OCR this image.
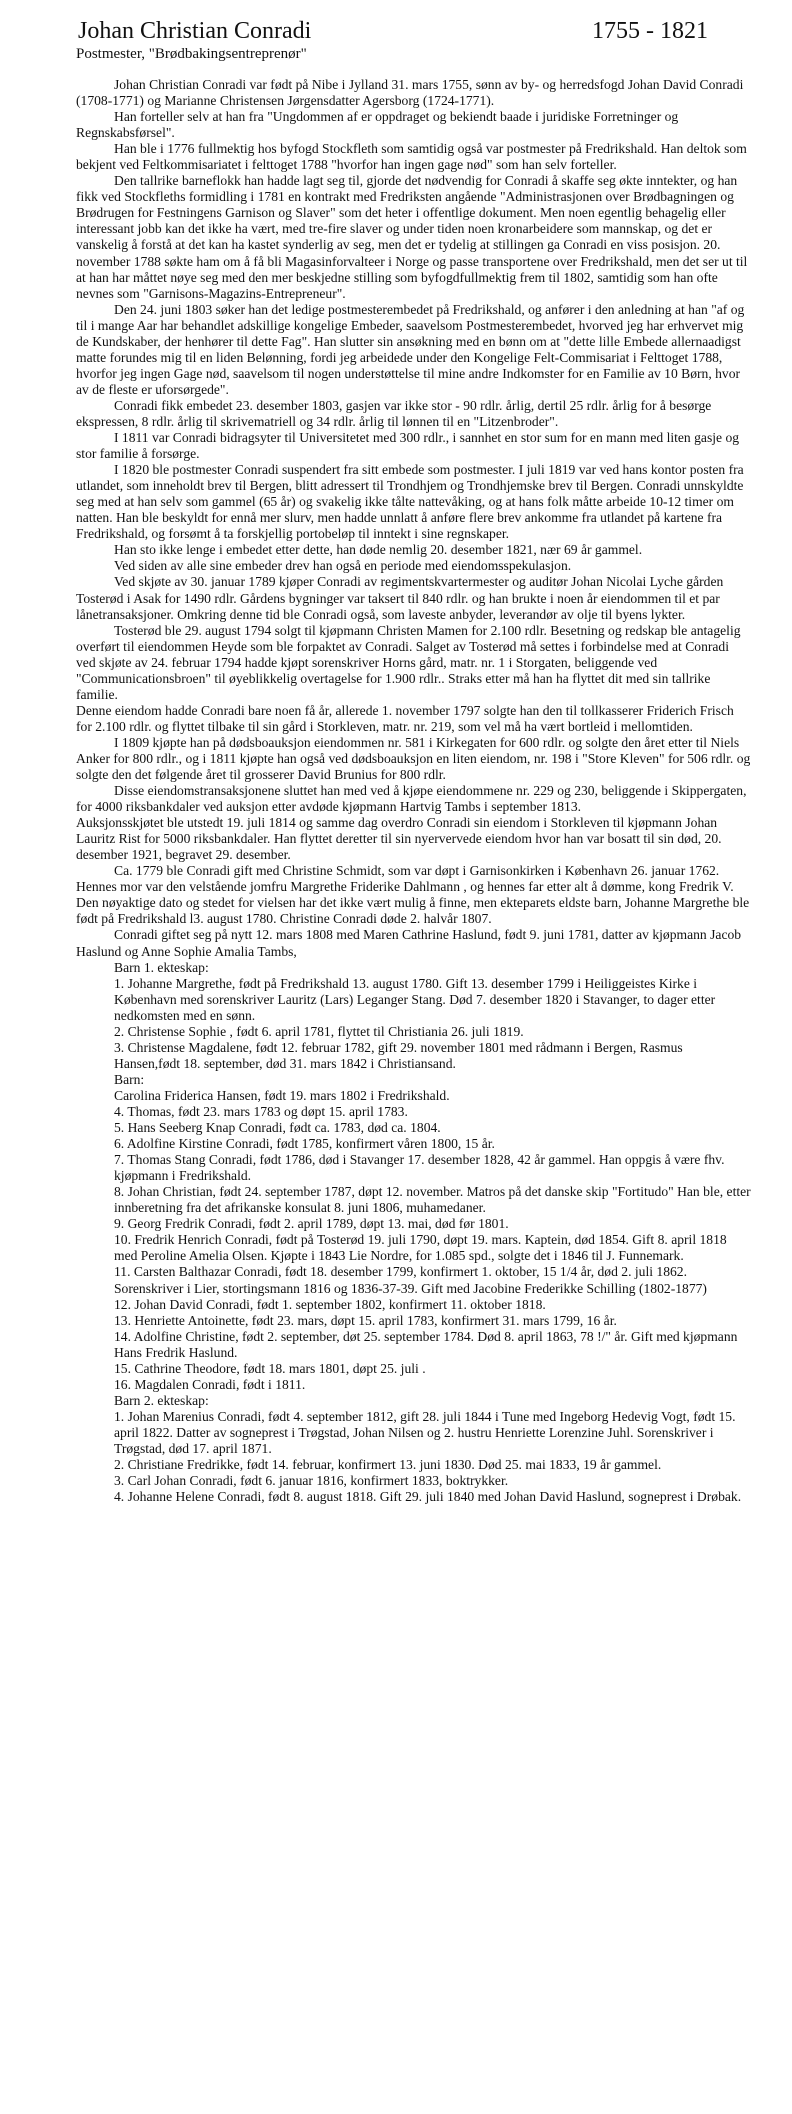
Johan Christian Conradi	1755 - 1821
Postmester, "Brødbakingsentreprenør"

Johan Christian Conradi var født på Nibe i Jylland 31. mars 1755, sønn av by- og herredsfogd Johan David Conradi (1708-1771) og Marianne Christensen Jørgensdatter Agersborg (1724-1771).

Han forteller selv at han fra "Ungdommen af er oppdraget og bekiendt baade i juridiske Forretninger og Regnskabsførsel".

Han ble i 1776 fullmektig hos byfogd Stockfleth som samtidig også var postmester på Fredrikshald. Han deltok som bekjent ved Feltkommisariatet i felttoget 1788 "hvorfor han ingen gage nød" som han selv forteller.

Den tallrike barneflokk han hadde lagt seg til, gjorde det nødvendig for Conradi å skaffe seg økte inntekter, og han fikk ved Stockfleths formidling i 1781 en kontrakt med Fredriksten angående "Administrasjonen over Brødbagningen og Brødrugen for Festningens Garnison og Slaver" som det heter i offentlige dokument. Men noen egentlig behagelig eller interessant jobb kan det ikke ha vært, med tre-fire slaver og under tiden noen kronarbeidere som mannskap, og det er vanskelig å forstå at det kan ha kastet synderlig av seg, men det er tydelig at stillingen ga Conradi en viss posisjon. 20. november 1788 søkte ham om å få bli Magasinforvalteer i Norge og passe transportene over Fredrikshald, men det ser ut til at han har måttet nøye seg med den mer beskjedne stilling som byfogdfullmektig frem til 1802, samtidig som han ofte nevnes som "Garnisons-Magazins-Entrepreneur".

Den 24. juni 1803 søker han det ledige postmesterembedet på Fredrikshald, og anfører i den anledning at han "af og til i mange Aar har behandlet adskillige kongelige Embeder, saavelsom Postmesterembedet, hvorved jeg har erhvervet mig de Kundskaber, der henhører til dette Fag". Han slutter sin ansøkning med en bønn om at "dette lille Embede allernaadigst matte forundes mig til en liden Belønning, fordi jeg arbeidede under den Kongelige Felt-Commisariat i Felttoget 1788, hvorfor jeg ingen Gage nød, saavelsom til nogen understøttelse til mine andre Indkomster for en Familie av 10 Børn, hvor av de fleste er uforsørgede".

Conradi fikk embedet 23. desember 1803, gasjen var ikke stor - 90 rdlr. årlig, dertil 25 rdlr. årlig for å besørge ekspressen, 8 rdlr. årlig til skrivematriell og 34 rdlr. årlig til lønnen til en "Litzenbroder".

I 1811 var Conradi bidragsyter til Universitetet med 300 rdlr., i sannhet en stor sum for en mann med liten gasje og stor familie å forsørge.

I 1820 ble postmester Conradi suspendert fra sitt embede som postmester. I juli 1819 var ved hans kontor posten fra utlandet, som inneholdt brev til Bergen, blitt adressert til Trondhjem og Trondhjemske brev til Bergen. Conradi unnskyldte seg med at han selv som gammel (65 år) og svakelig ikke tålte nattevåking, og at hans folk måtte arbeide 10-12 timer om natten. Han ble beskyldt for ennå mer slurv, men hadde unnlatt å anføre flere brev ankomme fra utlandet på kartene fra Fredrikshald, og forsømt å ta forskjellig portobeløp til inntekt i sine regnskaper.

Han sto ikke lenge i embedet etter dette, han døde nemlig 20. desember 1821, nær 69 år gammel.

Ved siden av alle sine embeder drev han også en periode med eiendomsspekulasjon.

Ved skjøte av 30. januar 1789 kjøper Conradi av regimentskvartermester og auditør Johan Nicolai Lyche gården Tosterød i Asak for 1490 rdlr. Gårdens bygninger var taksert til 840 rdlr. og han brukte i noen år eiendommen til et par lånetransaksjoner. Omkring denne tid ble Conradi også, som laveste anbyder, leverandør av olje til byens lykter.

Tosterød ble 29. august 1794 solgt til kjøpmann Christen Mamen for 2.100 rdlr. Besetning og redskap ble antagelig overført til eiendommen Heyde som ble forpaktet av Conradi. Salget av Tosterød må settes i forbindelse med at Conradi ved skjøte av 24. februar 1794 hadde kjøpt sorenskriver Horns gård, matr. nr. 1 i Storgaten, beliggende ved "Communicationsbroen" til øyeblikkelig overtagelse for 1.900 rdlr.. Straks etter må han ha flyttet dit med sin tallrike familie.

Denne eiendom hadde Conradi bare noen få år, allerede 1. november 1797 solgte han den til tollkasserer Friderich Frisch for 2.100 rdlr. og flyttet tilbake til sin gård i Storkleven, matr. nr. 219, som vel må ha vært bortleid i mellomtiden.

I 1809 kjøpte han på dødsboauksjon eiendommen nr. 581 i Kirkegaten for 600 rdlr. og solgte den året etter til Niels Anker for 800 rdlr., og i 1811 kjøpte han også ved dødsboauksjon en liten eiendom, nr. 198 i "Store Kleven" for 506 rdlr. og solgte den det følgende året til grosserer David Brunius for 800 rdlr.

Disse eiendomstransaksjonene sluttet han med ved å kjøpe eiendommene nr. 229 og 230, beliggende i Skippergaten, for 4000 riksbankdaler ved auksjon etter avdøde kjøpmann Hartvig Tambs i september 1813.

Auksjonsskjøtet ble utstedt 19. juli 1814 og samme dag overdro Conradi sin eiendom i Storkleven til kjøpmann Johan Lauritz Rist for 5000 riksbankdaler. Han flyttet deretter til sin nyervervede eiendom hvor han var bosatt til sin død, 20. desember 1921, begravet 29. desember.

Ca. 1779 ble Conradi gift med Christine Schmidt, som var døpt i Garnisonkirken i København 26. januar 1762. Hennes mor var den velstående jomfru Margrethe Friderike Dahlmann , og hennes far etter alt å dømme, kong Fredrik V. Den nøyaktige dato og stedet for vielsen har det ikke vært mulig å finne, men ekteparets eldste barn, Johanne Margrethe ble født på Fredrikshald l3. august 1780. Christine Conradi døde 2. halvår 1807.

Conradi giftet seg på nytt 12. mars 1808 med Maren Cathrine Haslund, født 9. juni 1781, datter av kjøpmann Jacob Haslund og Anne Sophie Amalia Tambs,

Barn 1. ekteskap:

1. Johanne Margrethe, født på Fredrikshald 13. august 1780. Gift 13. desember 1799 i Heiliggeistes Kirke i København med sorenskriver Lauritz (Lars) Leganger Stang. Død 7. desember 1820 i Stavanger, to dager etter nedkomsten med en sønn.

2. Christense Sophie , født 6. april 1781, flyttet til Christiania 26. juli 1819.

3. Christense Magdalene, født 12. februar 1782, gift 29. november 1801 med rådmann i Bergen, Rasmus Hansen,født 18. september, død 31. mars 1842 i Christiansand.

Barn:

Carolina Friderica Hansen, født 19. mars 1802 i Fredrikshald.

4. Thomas, født 23. mars 1783 og døpt 15. april 1783.

5. Hans Seeberg Knap Conradi, født ca. 1783, død ca. 1804.

6. Adolfine Kirstine Conradi, født 1785, konfirmert våren 1800, 15 år.

7. Thomas Stang Conradi, født 1786, død i Stavanger 17. desember 1828, 42 år gammel. Han oppgis å være fhv. kjøpmann i Fredrikshald.

8. Johan Christian, født 24. september 1787, døpt 12. november. Matros på det danske skip "Fortitudo" Han ble, etter innberetning fra det afrikanske konsulat 8. juni 1806, muhamedaner.

9. Georg Fredrik Conradi, født 2. april 1789, døpt 13. mai, død før 1801.

10. Fredrik Henrich Conradi, født på Tosterød 19. juli 1790, døpt 19. mars. Kaptein, død 1854. Gift 8. april 1818 med Peroline Amelia Olsen. Kjøpte i 1843 Lie Nordre, for 1.085 spd., solgte det i 1846 til J. Funnemark.

11. Carsten Balthazar Conradi, født 18. desember 1799, konfirmert 1. oktober, 15 1/4 år, død 2. juli 1862. Sorenskriver i Lier, stortingsmann 1816 og 1836-37-39. Gift med Jacobine Frederikke Schilling (1802-1877)

12. Johan David Conradi, født 1. september 1802, konfirmert 11. oktober 1818.

13. Henriette Antoinette, født 23. mars, døpt 15. april 1783, konfirmert 31. mars 1799, 16 år.

14. Adolfine Christine, født 2. september, døt 25. september 1784. Død 8. april 1863, 78 !/" år. Gift med kjøpmann Hans Fredrik Haslund.

15. Cathrine Theodore, født 18. mars 1801, døpt 25. juli .

16. Magdalen Conradi, født i 1811.

Barn 2. ekteskap:

1. Johan Marenius Conradi, født 4. september 1812, gift 28. juli 1844 i Tune med Ingeborg Hedevig Vogt, født 15. april 1822. Datter av sogneprest i Trøgstad, Johan Nilsen og 2. hustru Henriette Lorenzine Juhl. Sorenskriver i Trøgstad, død 17. april 1871.

2. Christiane Fredrikke, født 14. februar, konfirmert 13. juni 1830. Død 25. mai 1833, 19 år gammel.

3. Carl Johan Conradi, født 6. januar 1816, konfirmert 1833, boktrykker.

4. Johanne Helene Conradi, født 8. august 1818. Gift 29. juli 1840 med Johan David Haslund, sogneprest i Drøbak.
